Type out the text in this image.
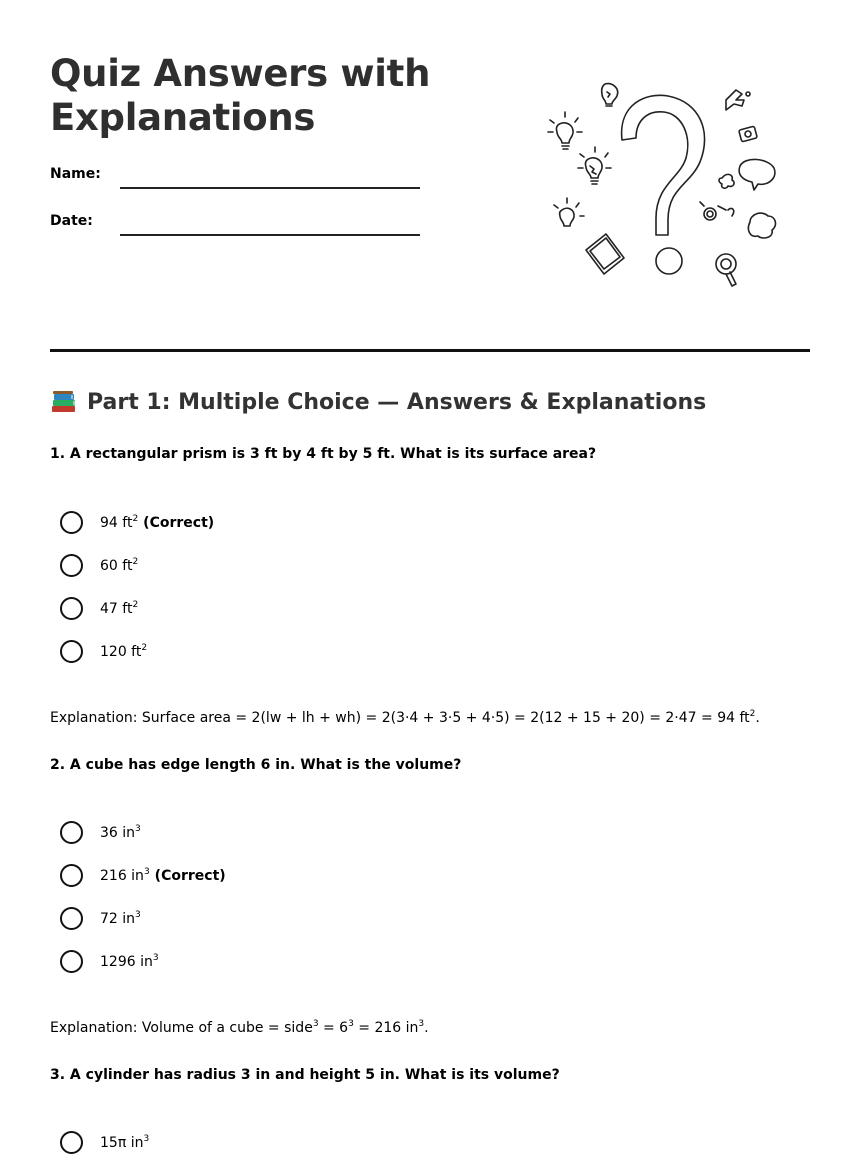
Quiz Answers with
Explanations
Name:
Date:
Part 1: Multiple Choice — Answers & Explanations

1. A rectangular prism is 3 ft by 4 ft by 5 ft. What is its surface area?

94 $ft^2$ (Correct)
60 $ft^2$
47 $ft^2$
120 $ft^2$
Explanation: Surface area = 2(lw + lh + wh) = 2(3·4 + 3·5 + 4·5) = 2(12 + 15 + 20) = 2·47 = 94 $ft^2$.

2. A cube has edge length 6 in. What is the volume?

36 $in^3$
216 $in^3$ (Correct)
72 $in^3$
1296 $in^3$
Explanation: Volume of a cube = side$^3$ = $6^3 = 216$ $in^3$.

3. A cylinder has radius 3 in and height 5 in. What is its volume?

15π $in^3$
